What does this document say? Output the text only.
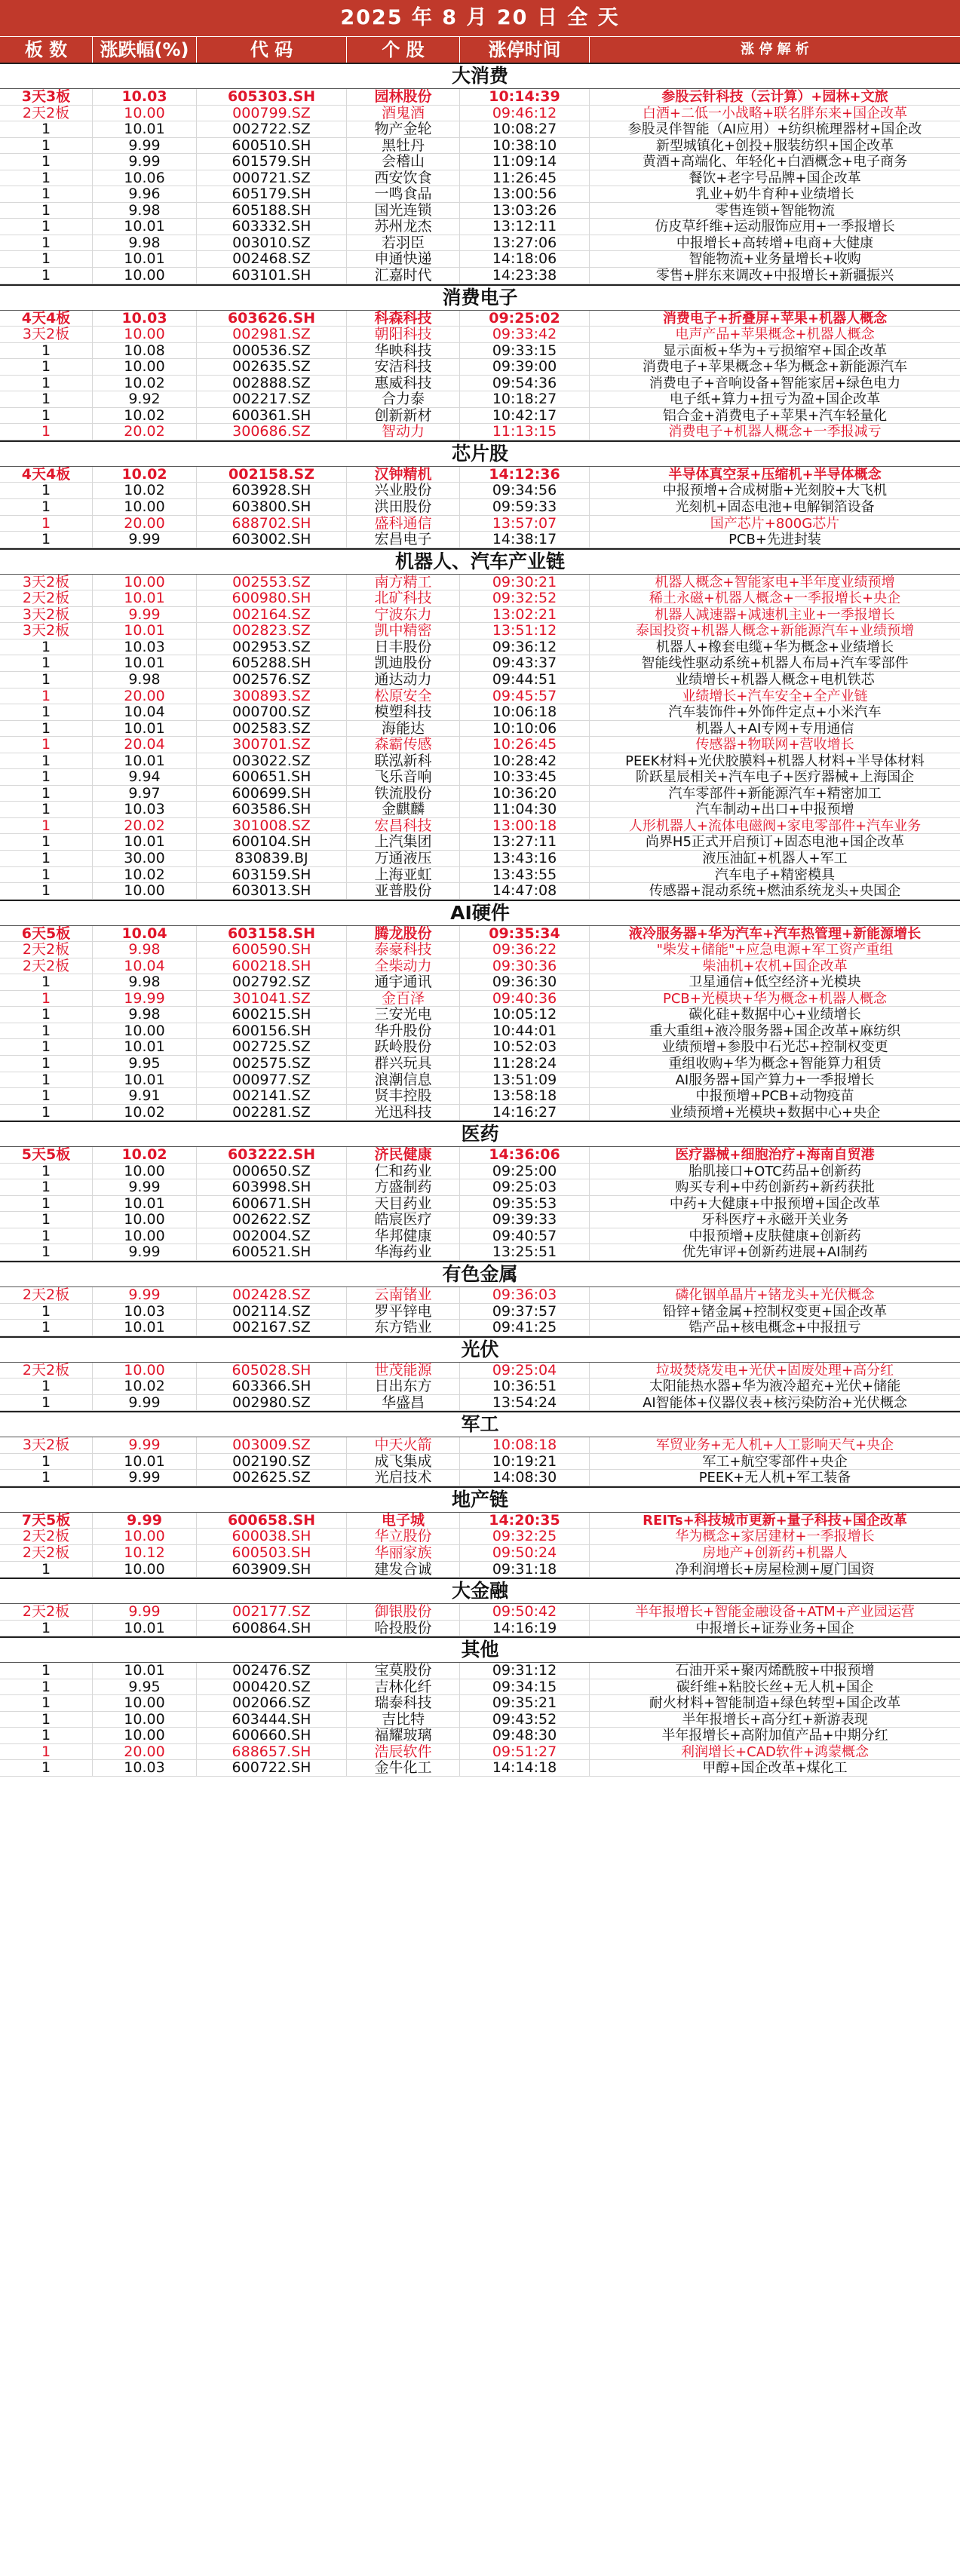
2025 年 8 月 20 日 全 天
板 数	涨跌幅(%)	代 码	个 股	涨停时间	涨 停 解 析
大消费
3天3板	10.03	605303.SH	园林股份	10:14:39	参股云针科技（云计算）+园林+文旅
2天2板	10.00	000799.SZ	酒鬼酒	09:46:12	白酒+二低一小战略+联名胖东来+国企改革
1	10.01	002722.SZ	物产金轮	10:08:27	参股灵伴智能（AI应用）+纺织梳理器材+国企改
1	9.99	600510.SH	黑牡丹	10:38:10	新型城镇化+创投+服装纺织+国企改革
1	9.99	601579.SH	会稽山	11:09:14	黄酒+高端化、年轻化+白酒概念+电子商务
1	10.06	000721.SZ	西安饮食	11:26:45	餐饮+老字号品牌+国企改革
1	9.96	605179.SH	一鸣食品	13:00:56	乳业+奶牛育种+业绩增长
1	9.98	605188.SH	国光连锁	13:03:26	零售连锁+智能物流
1	10.01	603332.SH	苏州龙杰	13:12:11	仿皮草纤维+运动服饰应用+一季报增长
1	9.98	003010.SZ	若羽臣	13:27:06	中报增长+高转增+电商+大健康
1	10.01	002468.SZ	申通快递	14:18:06	智能物流+业务量增长+收购
1	10.00	603101.SH	汇嘉时代	14:23:38	零售+胖东来调改+中报增长+新疆振兴
消费电子
4天4板	10.03	603626.SH	科森科技	09:25:02	消费电子+折叠屏+苹果+机器人概念
3天2板	10.00	002981.SZ	朝阳科技	09:33:42	电声产品+苹果概念+机器人概念
1	10.08	000536.SZ	华映科技	09:33:15	显示面板+华为+亏损缩窄+国企改革
1	10.00	002635.SZ	安洁科技	09:39:00	消费电子+苹果概念+华为概念+新能源汽车
1	10.02	002888.SZ	惠威科技	09:54:36	消费电子+音响设备+智能家居+绿色电力
1	9.92	002217.SZ	合力泰	10:18:27	电子纸+算力+扭亏为盈+国企改革
1	10.02	600361.SH	创新新材	10:42:17	铝合金+消费电子+苹果+汽车轻量化
1	20.02	300686.SZ	智动力	11:13:15	消费电子+机器人概念+一季报减亏
芯片股
4天4板	10.02	002158.SZ	汉钟精机	14:12:36	半导体真空泵+压缩机+半导体概念
1	10.02	603928.SH	兴业股份	09:34:56	中报预增+合成树脂+光刻胶+大飞机
1	10.00	603800.SH	洪田股份	09:59:33	光刻机+固态电池+电解铜箔设备
1	20.00	688702.SH	盛科通信	13:57:07	国产芯片+800G芯片
1	9.99	603002.SH	宏昌电子	14:38:17	PCB+先进封装
机器人、汽车产业链
3天2板	10.00	002553.SZ	南方精工	09:30:21	机器人概念+智能家电+半年度业绩预增
2天2板	10.01	600980.SH	北矿科技	09:32:52	稀土永磁+机器人概念+一季报增长+央企
3天2板	9.99	002164.SZ	宁波东力	13:02:21	机器人减速器+减速机主业+一季报增长
3天2板	10.01	002823.SZ	凯中精密	13:51:12	泰国投资+机器人概念+新能源汽车+业绩预增
1	10.03	002953.SZ	日丰股份	09:36:12	机器人+橡套电缆+华为概念+业绩增长
1	10.01	605288.SH	凯迪股份	09:43:37	智能线性驱动系统+机器人布局+汽车零部件
1	9.98	002576.SZ	通达动力	09:44:51	业绩增长+机器人概念+电机铁芯
1	20.00	300893.SZ	松原安全	09:45:57	业绩增长+汽车安全+全产业链
1	10.04	000700.SZ	模塑科技	10:06:18	汽车装饰件+外饰件定点+小米汽车
1	10.01	002583.SZ	海能达	10:10:06	机器人+AI专网+专用通信
1	20.04	300701.SZ	森霸传感	10:26:45	传感器+物联网+营收增长
1	10.01	003022.SZ	联泓新科	10:28:42	PEEK材料+光伏胶膜料+机器人材料+半导体材料
1	9.94	600651.SH	飞乐音响	10:33:45	阶跃星辰相关+汽车电子+医疗器械+上海国企
1	9.97	600699.SH	铁流股份	10:36:20	汽车零部件+新能源汽车+精密加工
1	10.03	603586.SH	金麒麟	11:04:30	汽车制动+出口+中报预增
1	20.02	301008.SZ	宏昌科技	13:00:18	人形机器人+流体电磁阀+家电零部件+汽车业务
1	10.01	600104.SH	上汽集团	13:27:11	尚界H5正式开启预订+固态电池+国企改革
1	30.00	830839.BJ	万通液压	13:43:16	液压油缸+机器人+军工
1	10.02	603159.SH	上海亚虹	13:43:55	汽车电子+精密模具
1	10.00	603013.SH	亚普股份	14:47:08	传感器+混动系统+燃油系统龙头+央国企
AI硬件
6天5板	10.04	603158.SH	腾龙股份	09:35:34	液冷服务器+华为汽车+汽车热管理+新能源增长
2天2板	9.98	600590.SH	泰豪科技	09:36:22	"柴发+储能"+应急电源+军工资产重组
2天2板	10.04	600218.SH	全柴动力	09:30:36	柴油机+农机+国企改革
1	9.98	002792.SZ	通宇通讯	09:36:30	卫星通信+低空经济+光模块
1	19.99	301041.SZ	金百泽	09:40:36	PCB+光模块+华为概念+机器人概念
1	9.98	600215.SH	三安光电	10:05:12	碳化硅+数据中心+业绩增长
1	10.00	600156.SH	华升股份	10:44:01	重大重组+液冷服务器+国企改革+麻纺织
1	10.01	002725.SZ	跃岭股份	10:52:03	业绩预增+参股中石光芯+控制权变更
1	9.95	002575.SZ	群兴玩具	11:28:24	重组收购+华为概念+智能算力租赁
1	10.01	000977.SZ	浪潮信息	13:51:09	AI服务器+国产算力+一季报增长
1	9.91	002141.SZ	贤丰控股	13:58:18	中报预增+PCB+动物疫苗
1	10.02	002281.SZ	光迅科技	14:16:27	业绩预增+光模块+数据中心+央企
医药
5天5板	10.02	603222.SH	济民健康	14:36:06	医疗器械+细胞治疗+海南自贸港
1	10.00	000650.SZ	仁和药业	09:25:00	胎肌接口+OTC药品+创新药
1	9.99	603998.SH	方盛制药	09:25:03	购买专利+中药创新药+新药获批
1	10.01	600671.SH	天目药业	09:35:53	中药+大健康+中报预增+国企改革
1	10.00	002622.SZ	皓宸医疗	09:39:33	牙科医疗+永磁开关业务
1	10.00	002004.SZ	华邦健康	09:40:57	中报预增+皮肤健康+创新药
1	9.99	600521.SH	华海药业	13:25:51	优先审评+创新药进展+AI制药
有色金属
2天2板	9.99	002428.SZ	云南锗业	09:36:03	磷化铟单晶片+锗龙头+光伏概念
1	10.03	002114.SZ	罗平锌电	09:37:57	铅锌+锗金属+控制权变更+国企改革
1	10.01	002167.SZ	东方锆业	09:41:25	锆产品+核电概念+中报扭亏
光伏
2天2板	10.00	605028.SH	世茂能源	09:25:04	垃圾焚烧发电+光伏+固废处理+高分红
1	10.02	603366.SH	日出东方	10:36:51	太阳能热水器+华为液冷超充+光伏+储能
1	9.99	002980.SZ	华盛昌	13:54:24	AI智能体+仪器仪表+核污染防治+光伏概念
军工
3天2板	9.99	003009.SZ	中天火箭	10:08:18	军贸业务+无人机+人工影响天气+央企
1	10.01	002190.SZ	成飞集成	10:19:21	军工+航空零部件+央企
1	9.99	002625.SZ	光启技术	14:08:30	PEEK+无人机+军工装备
地产链
7天5板	9.99	600658.SH	电子城	14:20:35	REITs+科技城市更新+量子科技+国企改革
2天2板	10.00	600038.SH	华立股份	09:32:25	华为概念+家居建材+一季报增长
2天2板	10.12	600503.SH	华丽家族	09:50:24	房地产+创新药+机器人
1	10.00	603909.SH	建发合诚	09:31:18	净利润增长+房屋检测+厦门国资
大金融
2天2板	9.99	002177.SZ	御银股份	09:50:42	半年报增长+智能金融设备+ATM+产业园运营
1	10.01	600864.SH	哈投股份	14:16:19	中报增长+证券业务+国企
其他
1	10.01	002476.SZ	宝莫股份	09:31:12	石油开采+聚丙烯酰胺+中报预增
1	9.95	000420.SZ	吉林化纤	09:34:15	碳纤维+粘胶长丝+无人机+国企
1	10.00	002066.SZ	瑞泰科技	09:35:21	耐火材料+智能制造+绿色转型+国企改革
1	10.00	603444.SH	吉比特	09:43:52	半年报增长+高分红+新游表现
1	10.00	600660.SH	福耀玻璃	09:48:30	半年报增长+高附加值产品+中期分红
1	20.00	688657.SH	浩辰软件	09:51:27	利润增长+CAD软件+鸿蒙概念
1	10.03	600722.SH	金牛化工	14:14:18	甲醇+国企改革+煤化工
